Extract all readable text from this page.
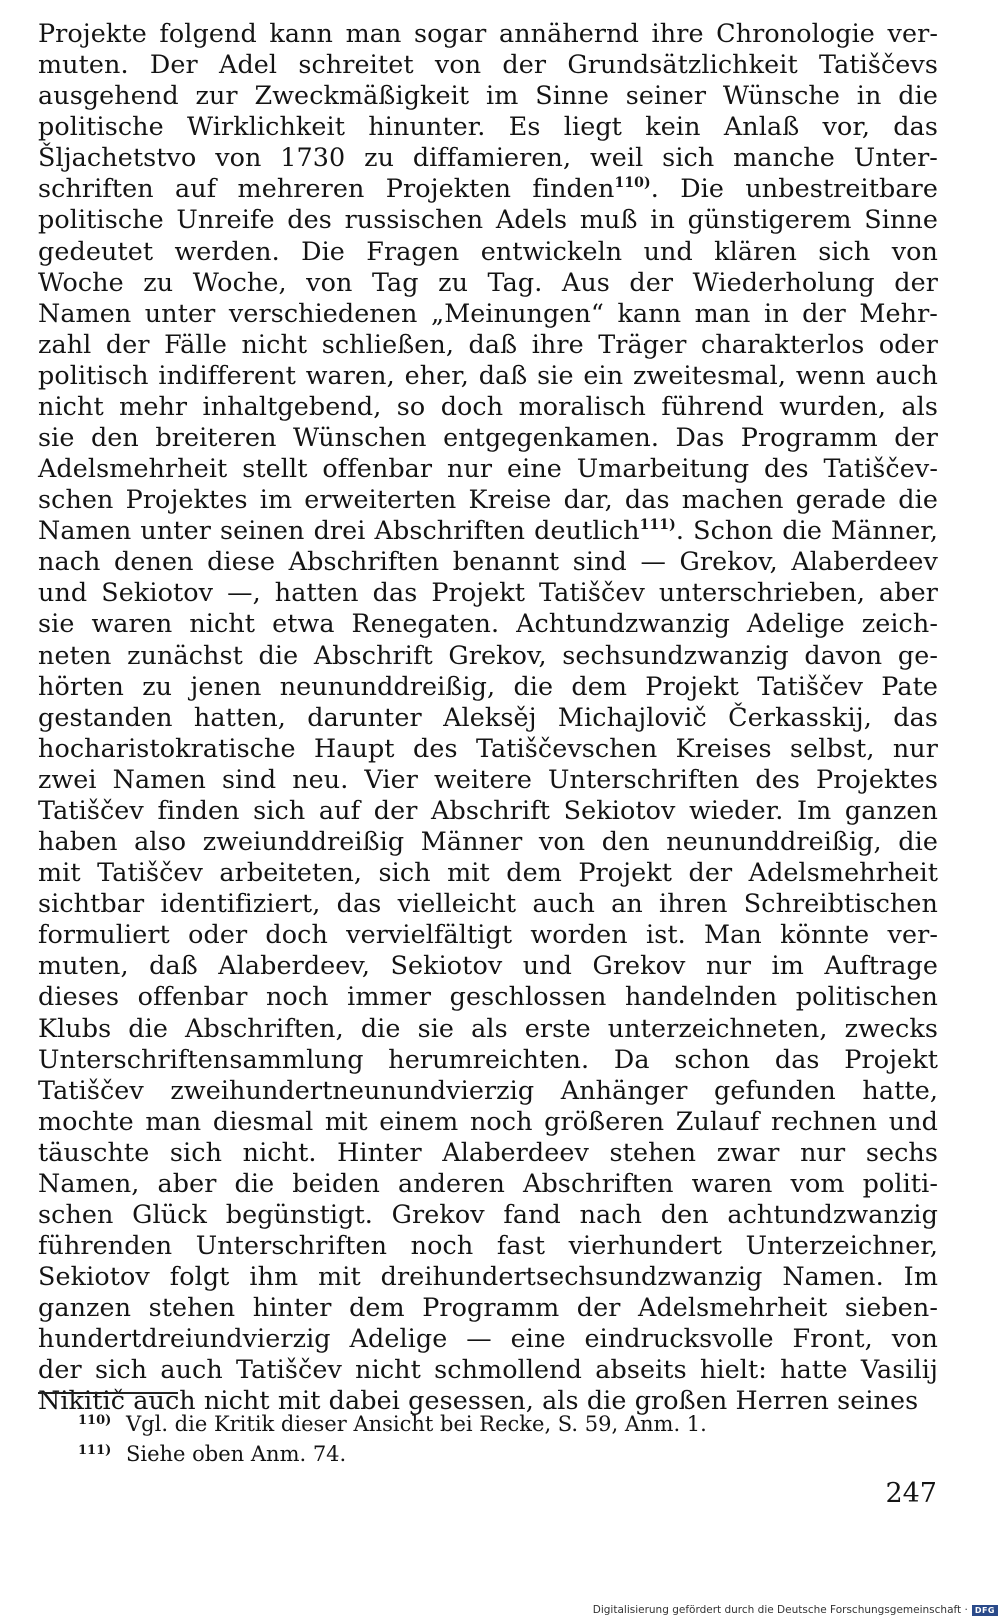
Projekte folgend kann man sogar annähernd ihre Chronologie ver-
muten. Der Adel schreitet von der Grundsätzlichkeit Tatiščevs
ausgehend zur Zweckmäßigkeit im Sinne seiner Wünsche in die
politische Wirklichkeit hinunter. Es liegt kein Anlaß vor, das
Šljachetstvo von 1730 zu diffamieren, weil sich manche Unter-
schriften auf mehreren Projekten finden$^{110)}$. Die unbestreitbare
politische Unreife des russischen Adels muß in günstigerem Sinne
gedeutet werden. Die Fragen entwickeln und klären sich von
Woche zu Woche, von Tag zu Tag. Aus der Wiederholung der
Namen unter verschiedenen „Meinungen“ kann man in der Mehr-
zahl der Fälle nicht schließen, daß ihre Träger charakterlos oder
politisch indifferent waren, eher, daß sie ein zweitesmal, wenn auch
nicht mehr inhaltgebend, so doch moralisch führend wurden, als
sie den breiteren Wünschen entgegenkamen. Das Programm der
Adelsmehrheit stellt offenbar nur eine Umarbeitung des Tatiščev-
schen Projektes im erweiterten Kreise dar, das machen gerade die
Namen unter seinen drei Abschriften deutlich$^{111)}$. Schon die Männer,
nach denen diese Abschriften benannt sind — Grekov, Alaberdeev
und Sekiotov —, hatten das Projekt Tatiščev unterschrieben, aber
sie waren nicht etwa Renegaten. Achtundzwanzig Adelige zeich-
neten zunächst die Abschrift Grekov, sechsundzwanzig davon ge-
hörten zu jenen neununddreißig, die dem Projekt Tatiščev Pate
gestanden hatten, darunter Aleksěj Michajlovič Čerkasskij, das
hocharistokratische Haupt des Tatiščevschen Kreises selbst, nur
zwei Namen sind neu. Vier weitere Unterschriften des Projektes
Tatiščev finden sich auf der Abschrift Sekiotov wieder. Im ganzen
haben also zweiunddreißig Männer von den neununddreißig, die
mit Tatiščev arbeiteten, sich mit dem Projekt der Adelsmehrheit
sichtbar identifiziert, das vielleicht auch an ihren Schreibtischen
formuliert oder doch vervielfältigt worden ist. Man könnte ver-
muten, daß Alaberdeev, Sekiotov und Grekov nur im Auftrage
dieses offenbar noch immer geschlossen handelnden politischen
Klubs die Abschriften, die sie als erste unterzeichneten, zwecks
Unterschriftensammlung herumreichten. Da schon das Projekt
Tatiščev zweihundertneunundvierzig Anhänger gefunden hatte,
mochte man diesmal mit einem noch größeren Zulauf rechnen und
täuschte sich nicht. Hinter Alaberdeev stehen zwar nur sechs
Namen, aber die beiden anderen Abschriften waren vom politi-
schen Glück begünstigt. Grekov fand nach den achtundzwanzig
führenden Unterschriften noch fast vierhundert Unterzeichner,
Sekiotov folgt ihm mit dreihundertsechsundzwanzig Namen. Im
ganzen stehen hinter dem Programm der Adelsmehrheit sieben-
hundertdreiundvierzig Adelige — eine eindrucksvolle Front, von
der sich auch Tatiščev nicht schmollend abseits hielt: hatte Vasilij
Nikitič auch nicht mit dabei gesessen, als die großen Herren seines
110) Vgl. die Kritik dieser Ansicht bei Recke, S. 59, Anm. 1.
111) Siehe oben Anm. 74.
247
Digitalisierung gefördert durch die Deutsche Forschungsgemeinschaft · DFG
